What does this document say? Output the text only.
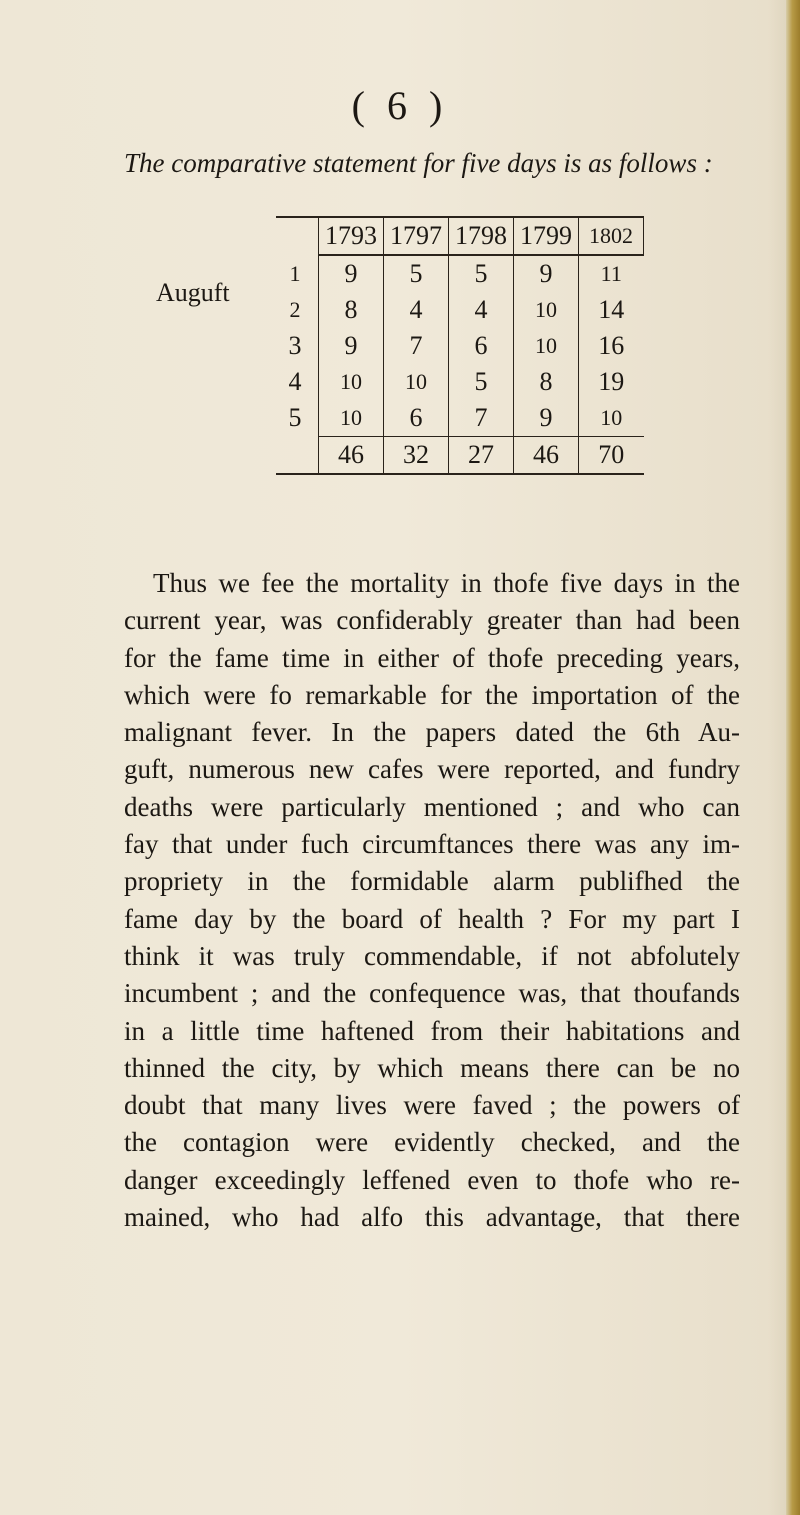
( 6 )
The comparative statement for five days is as follows :
Auguft
	1793	1797	1798	1799	1802
1	9	5	5	9	11
2	8	4	4	10	14
3	9	7	6	10	16
4	10	10	5	8	19
5	10	6	7	9	10
	46	32	27	46	70
Thus we fee the mortality in thofe five days in the
current year, was confiderably greater than had been
for the fame time in either of thofe preceding years,
which were fo remarkable for the importation of the
malignant fever. In the papers dated the 6th Au-
guft, numerous new cafes were reported, and fundry
deaths were particularly mentioned ; and who can
fay that under fuch circumftances there was any im-
propriety in the formidable alarm publifhed the
fame day by the board of health ? For my part I
think it was truly commendable, if not abfolutely
incumbent ; and the confequence was, that thoufands
in a little time haftened from their habitations and
thinned the city, by which means there can be no
doubt that many lives were faved ; the powers of
the contagion were evidently checked, and the
danger exceedingly leffened even to thofe who re-
mained, who had alfo this advantage, that there
